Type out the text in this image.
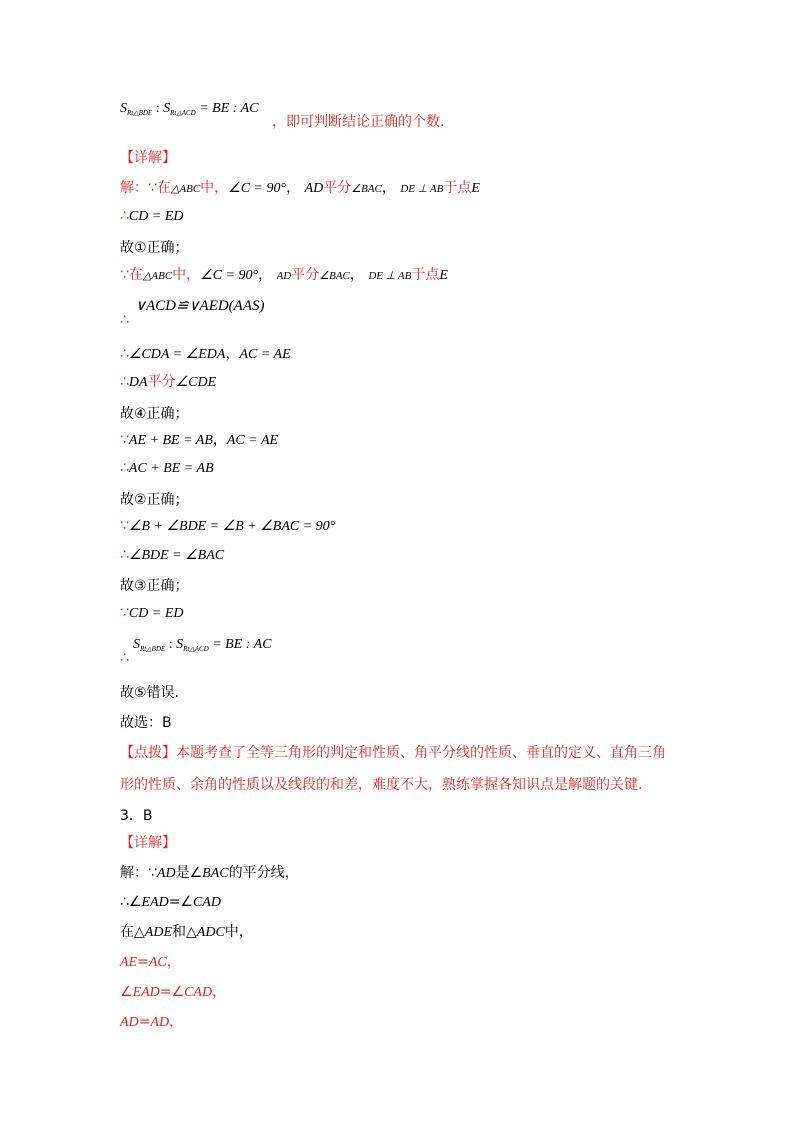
$S_{Rt\triangle BDE}$ : $S_{Rt\triangle ACD}$ = BE : AC
，即可判断结论正确的个数.
【详解】
解：∵在△ABC中，∠C = 90°， AD平分∠BAC， DE ⊥ AB于点E
∴CD = ED
故①正确；
∵在△ABC中，∠C = 90°， AD平分∠BAC， DE ⊥ AB于点E
∨ACD≌∨AED(AAS)
∴
∴∠CDA = ∠EDA，AC = AE
∴DA平分∠CDE
故④正确；
∵AE + BE = AB，AC = AE
∴AC + BE = AB
故②正确；
∵∠B + ∠BDE = ∠B + ∠BAC = 90°
∴∠BDE = ∠BAC
故③正确；
∵CD = ED
$S_{Rt\triangle BDE}$ : $S_{Rt\triangle ACD}$ = BE : AC
∴
故⑤错误.
故选：B
【点拨】本题考查了全等三角形的判定和性质、角平分线的性质、垂直的定义、直角三角
形的性质、余角的性质以及线段的和差，难度不大，熟练掌握各知识点是解题的关键.
3．B
【详解】
解：∵AD是∠BAC的平分线，
∴∠EAD=∠CAD
在△ADE和△ADC中，
AE=AC，
∠EAD=∠CAD，
AD=AD，
